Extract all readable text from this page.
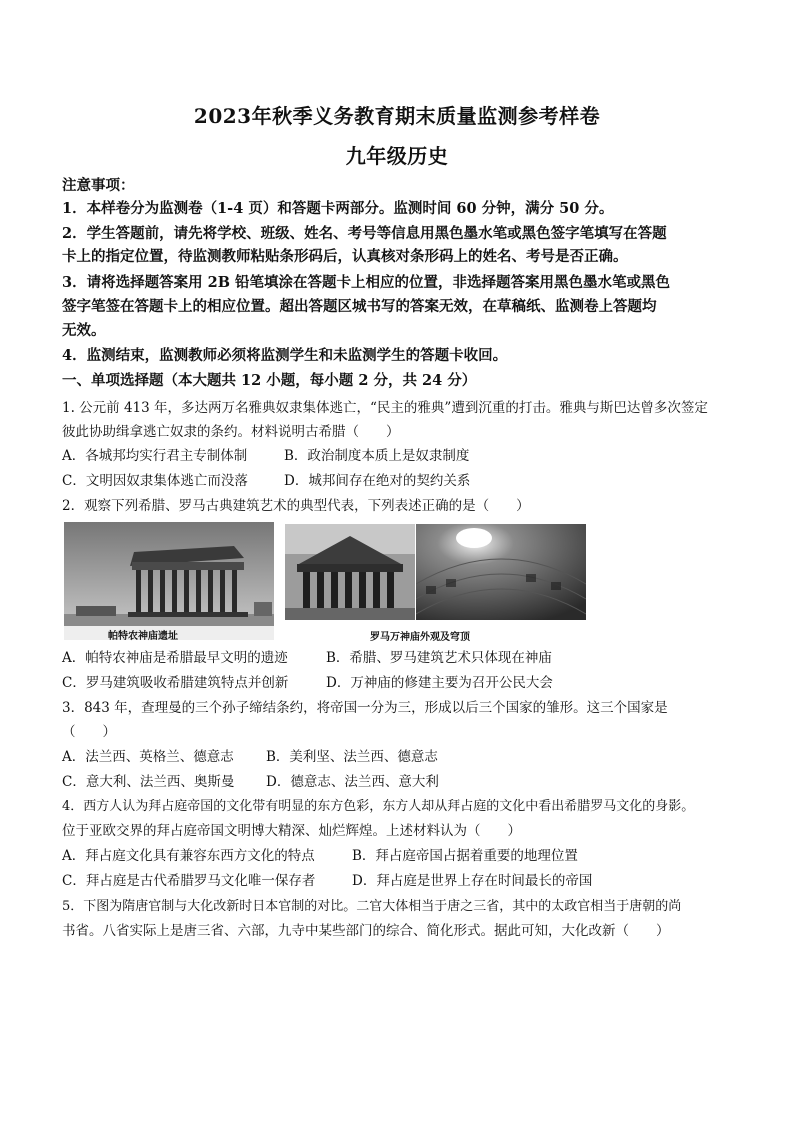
2023年秋季义务教育期末质量监测参考样卷
九年级历史
注意事项：
1．本样卷分为监测卷（1-4 页）和答题卡两部分。监测时间 60 分钟，满分 50 分。
2．学生答题前，请先将学校、班级、姓名、考号等信息用黑色墨水笔或黑色签字笔填写在答题
卡上的指定位置，待监测教师粘贴条形码后，认真核对条形码上的姓名、考号是否正确。
3．请将选择题答案用 2B 铅笔填涂在答题卡上相应的位置，非选择题答案用黑色墨水笔或黑色
签字笔签在答题卡上的相应位置。超出答题区城书写的答案无效，在草稿纸、监测卷上答题均
无效。
4．监测结束，监测教师必须将监测学生和未监测学生的答题卡收回。
一、单项选择题（本大题共 12 小题，每小题 2 分，共 24 分）
1. 公元前 413 年，多达两万名雅典奴隶集体逃亡，“民主的雅典”遭到沉重的打击。雅典与斯巴达曾多次签定
彼此协助缉拿逃亡奴隶的条约。材料说明古希腊（　　）
A．各城邦均实行君主专制体制	B．政治制度本质上是奴隶制度
C．文明因奴隶集体逃亡而没落	D．城邦间存在绝对的契约关系
2．观察下列希腊、罗马古典建筑艺术的典型代表，下列表述正确的是（　　）
帕特农神庙遗址	罗马万神庙外观及穹顶
A．帕特农神庙是希腊最早文明的遗迹	B．希腊、罗马建筑艺术只体现在神庙
C．罗马建筑吸收希腊建筑特点并创新	D．万神庙的修建主要为召开公民大会
3．843 年，查理曼的三个孙子缔结条约，将帝国一分为三，形成以后三个国家的雏形。这三个国家是
（　　）
A．法兰西、英格兰、德意志 B．美利坚、法兰西、德意志
C．意大利、法兰西、奥斯曼 D．德意志、法兰西、意大利
4．西方人认为拜占庭帝国的文化带有明显的东方色彩，东方人却从拜占庭的文化中看出希腊罗马文化的身影。
位于亚欧交界的拜占庭帝国文明博大精深、灿烂辉煌。上述材料认为（　　）
A．拜占庭文化具有兼容东西方文化的特点	B．拜占庭帝国占据着重要的地理位置
C．拜占庭是古代希腊罗马文化唯一保存者	D．拜占庭是世界上存在时间最长的帝国
5．下图为隋唐官制与大化改新时日本官制的对比。二官大体相当于唐之三省，其中的太政官相当于唐朝的尚
书省。八省实际上是唐三省、六部，九寺中某些部门的综合、简化形式。据此可知，大化改新（　　）
